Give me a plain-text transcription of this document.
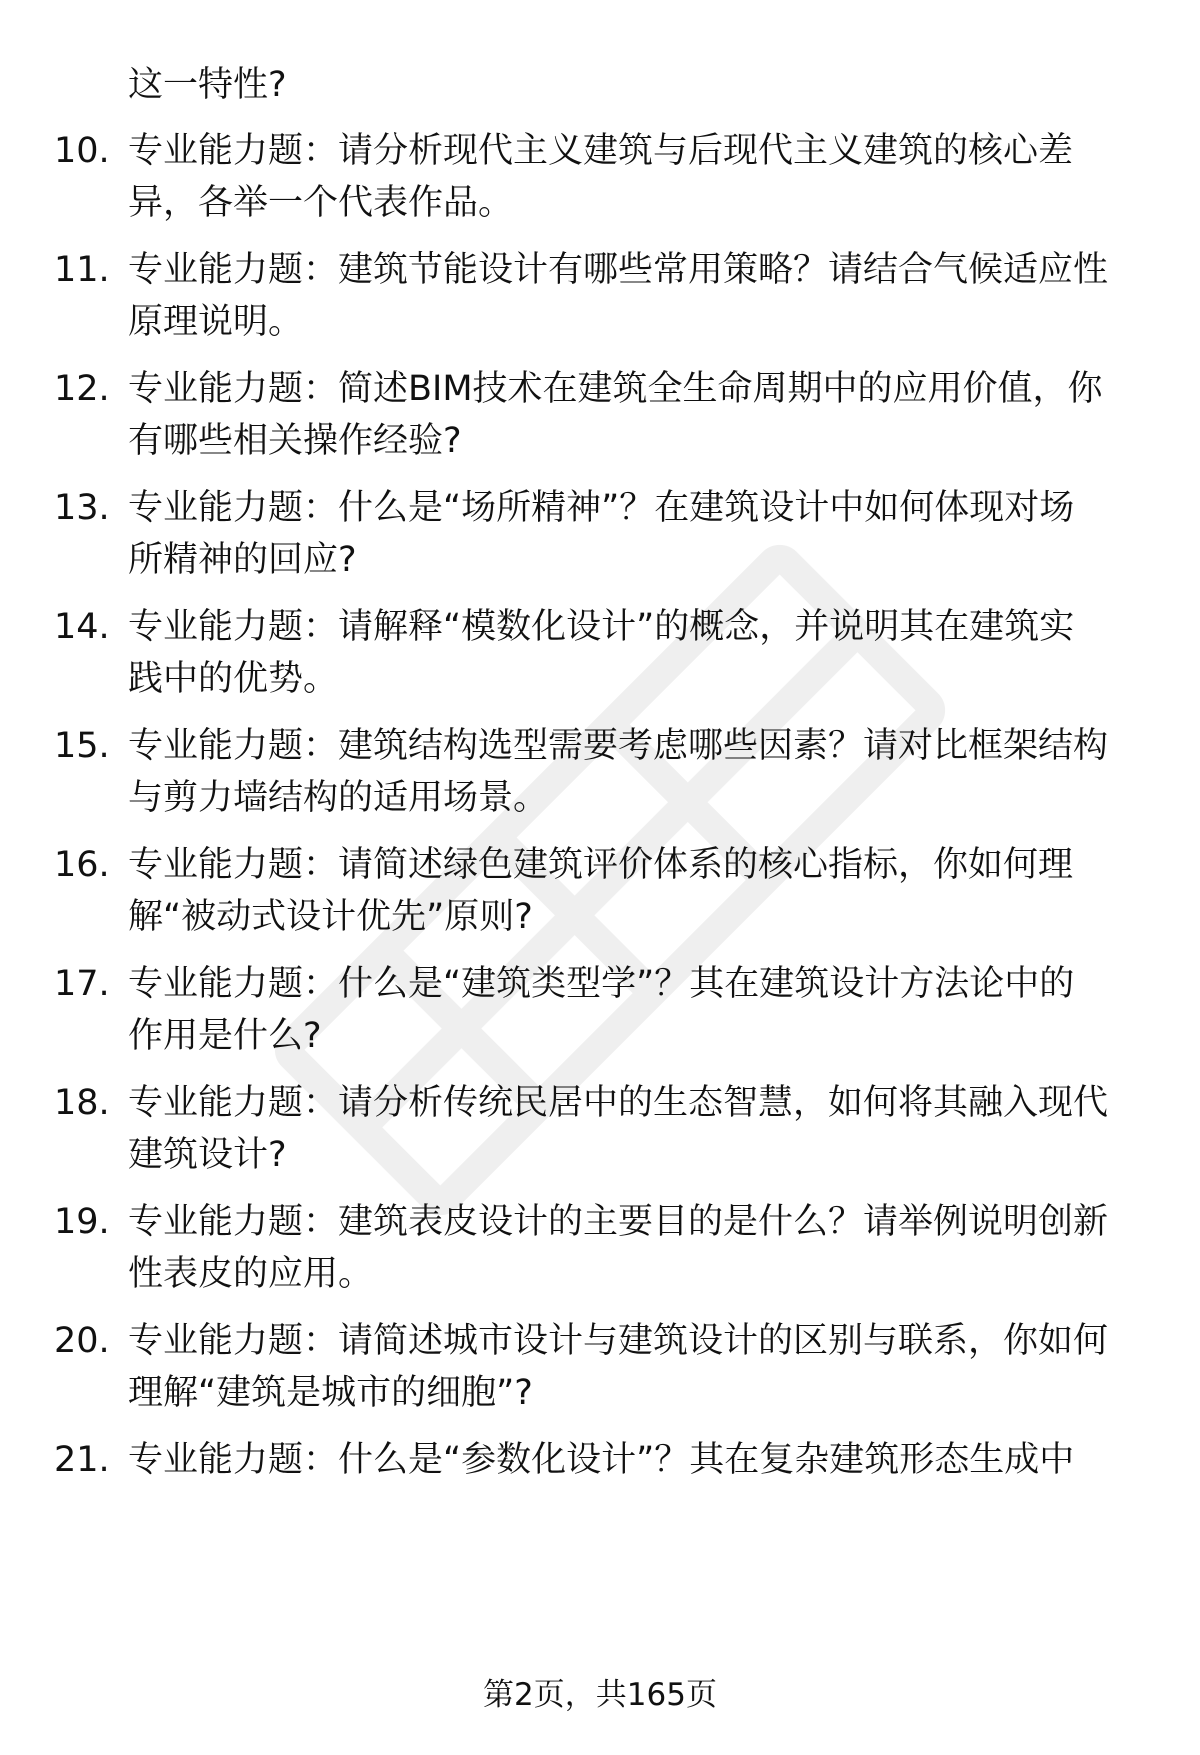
这一特性?
10. 专业能力题：请分析现代主义建筑与后现代主义建筑的核心差
异，各举一个代表作品。
11. 专业能力题：建筑节能设计有哪些常用策略？请结合气候适应性
原理说明。
12. 专业能力题：简述BIM技术在建筑全生命周期中的应用价值，你
有哪些相关操作经验?
13. 专业能力题：什么是“场所精神”？在建筑设计中如何体现对场
所精神的回应?
14. 专业能力题：请解释“模数化设计”的概念，并说明其在建筑实
践中的优势。
15. 专业能力题：建筑结构选型需要考虑哪些因素？请对比框架结构
与剪力墙结构的适用场景。
16. 专业能力题：请简述绿色建筑评价体系的核心指标，你如何理
解“被动式设计优先”原则?
17. 专业能力题：什么是“建筑类型学”？其在建筑设计方法论中的
作用是什么?
18. 专业能力题：请分析传统民居中的生态智慧，如何将其融入现代
建筑设计?
19. 专业能力题：建筑表皮设计的主要目的是什么？请举例说明创新
性表皮的应用。
20. 专业能力题：请简述城市设计与建筑设计的区别与联系，你如何
理解“建筑是城市的细胞”?
21. 专业能力题：什么是“参数化设计”？其在复杂建筑形态生成中
第2页，共165页
